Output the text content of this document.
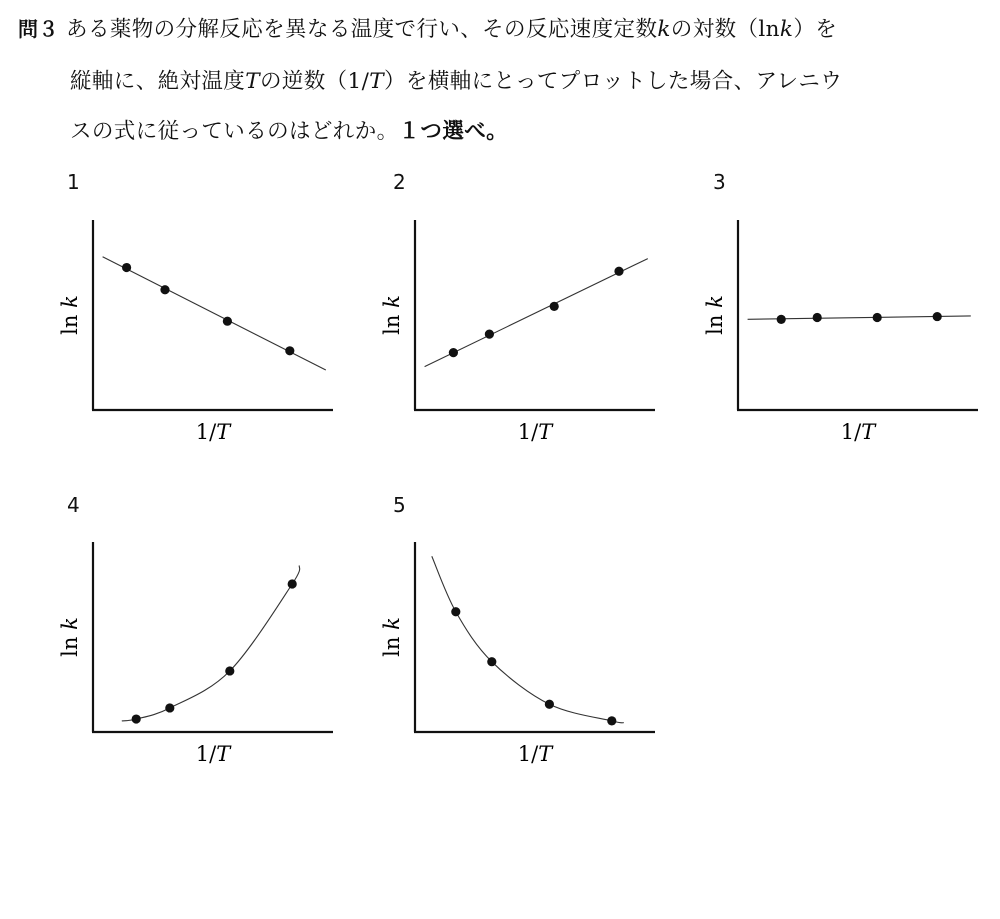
問３ ある薬物の分解反応を異なる温度で行い、その反応速度定数kの対数（lnk）を
縦軸に、絶対温度Tの逆数（1/T）を横軸にとってプロットした場合、アレニウ
スの式に従っているのはどれか。１つ選べ。
1
1/T
ln k
2
1/T
ln k
3
1/T
ln k
4
1/T
ln k
5
1/T
ln k
